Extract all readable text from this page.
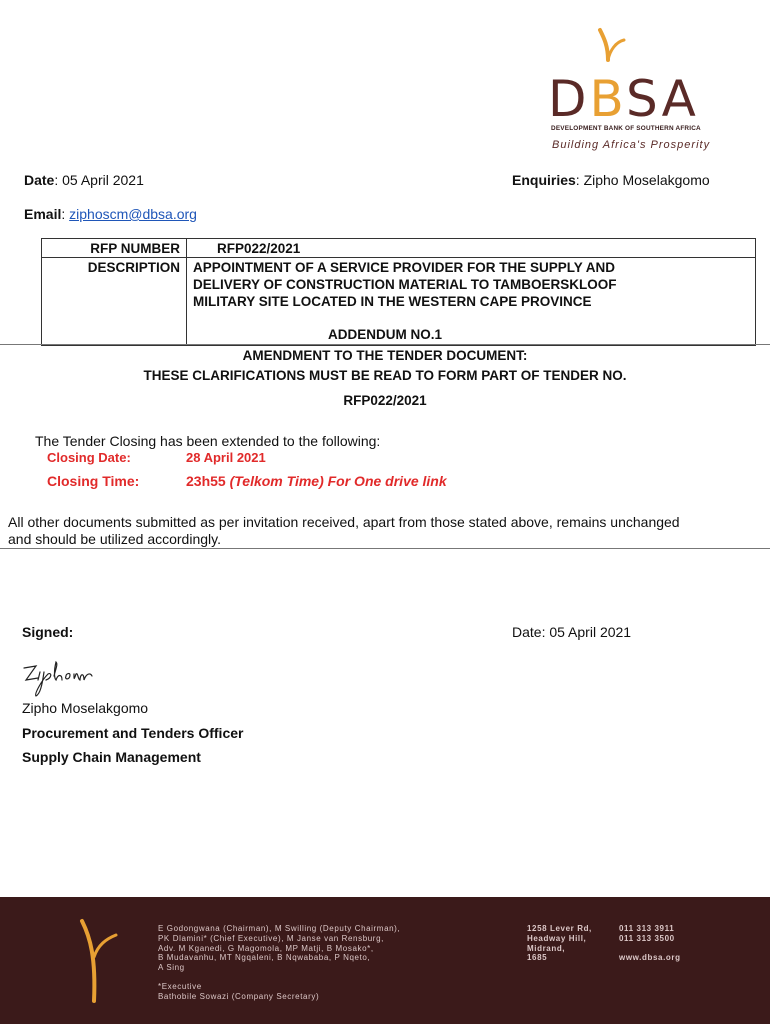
DBSA
DEVELOPMENT BANK OF SOUTHERN AFRICA
Building Africa's Prosperity
Date: 05 April 2021	Enquiries: Zipho Moselakgomo
Email: ziphoscm@dbsa.org
RFP NUMBER	RFP022/2021
DESCRIPTION	APPOINTMENT OF A SERVICE PROVIDER FOR THE SUPPLY AND
DELIVERY OF CONSTRUCTION MATERIAL TO TAMBOERSKLOOF
MILITARY SITE LOCATED IN THE WESTERN CAPE PROVINCE
ADDENDUM NO.1
AMENDMENT TO THE TENDER DOCUMENT:
THESE CLARIFICATIONS MUST BE READ TO FORM PART OF TENDER NO.
RFP022/2021
The Tender Closing has been extended to the following:
Closing Date:	28 April 2021
Closing Time:	23h55 (Telkom Time) For One drive link
All other documents submitted as per invitation received, apart from those stated above, remains unchanged
and should be utilized accordingly.
Signed:	Date: 05 April 2021
Zipho Moselakgomo
Procurement and Tenders Officer
Supply Chain Management
E Godongwana (Chairman), M Swilling (Deputy Chairman),
PK Dlamini* (Chief Executive), M Janse van Rensburg,
Adv. M Kganedi, G Magomola, MP Matji, B Mosako*,
B Mudavanhu, MT Ngqaleni, B Nqwababa, P Nqeto,
A Sing
*Executive
Bathobile Sowazi (Company Secretary)
1258 Lever Rd,
Headway Hill,
Midrand,
1685
011 313 3911
011 313 3500
www.dbsa.org
